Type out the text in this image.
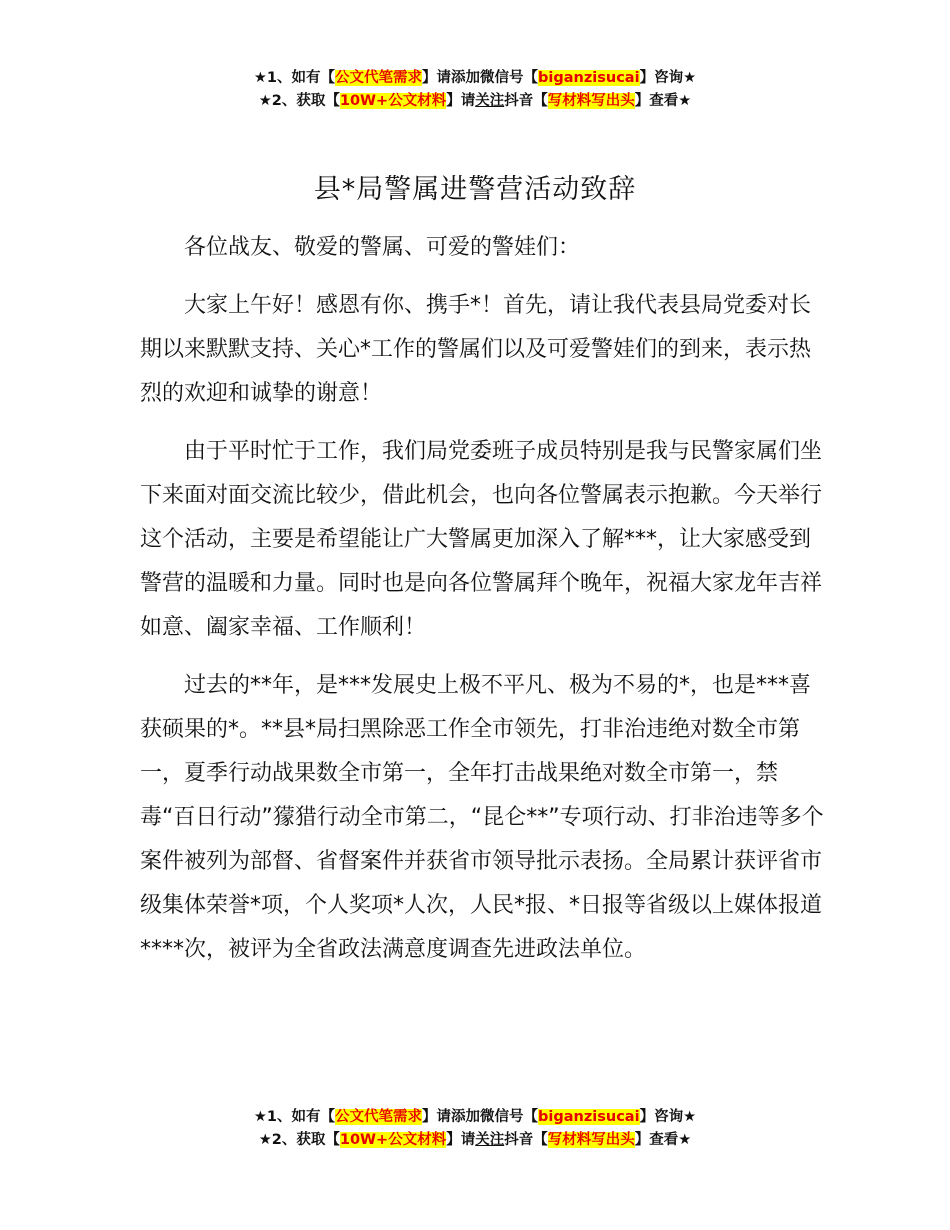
★1、如有【公文代笔需求】请添加微信号【biganzisucai】咨询★
★2、获取【10W+公文材料】请关注抖音【写材料写出头】查看★
县*局警属进警营活动致辞

各位战友、敬爱的警属、可爱的警娃们：

大家上午好！感恩有你、携手*！首先，请让我代表县局党委对长期以来默默支持、关心*工作的警属们以及可爱警娃们的到来，表示热烈的欢迎和诚挚的谢意！

由于平时忙于工作，我们局党委班子成员特别是我与民警家属们坐下来面对面交流比较少，借此机会，也向各位警属表示抱歉。今天举行这个活动，主要是希望能让广大警属更加深入了解***，让大家感受到警营的温暖和力量。同时也是向各位警属拜个晚年，祝福大家龙年吉祥如意、阖家幸福、工作顺利！

过去的**年，是***发展史上极不平凡、极为不易的*，也是***喜获硕果的*。**县*局扫黑除恶工作全市领先，打非治违绝对数全市第一，夏季行动战果数全市第一，全年打击战果绝对数全市第一，禁毒“百日行动”獴猎行动全市第二，“昆仑**”专项行动、打非治违等多个案件被列为部督、省督案件并获省市领导批示表扬。全局累计获评省市级集体荣誉*项，个人奖项*人次，人民*报、*日报等省级以上媒体报道****次，被评为全省政法满意度调查先进政法单位。

★1、如有【公文代笔需求】请添加微信号【biganzisucai】咨询★
★2、获取【10W+公文材料】请关注抖音【写材料写出头】查看★
